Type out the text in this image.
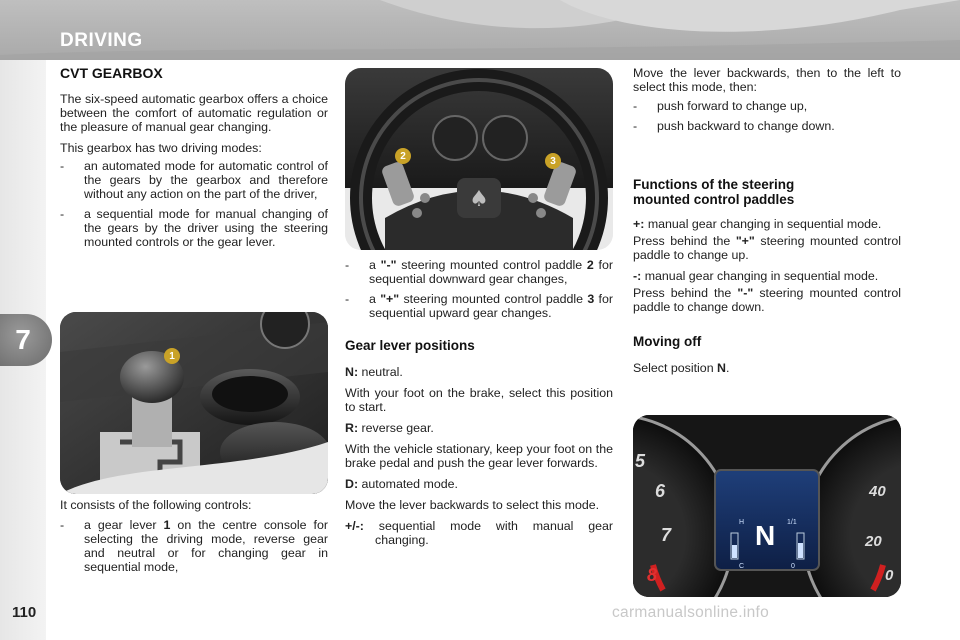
DRIVING
7
110
CVT GEARBOX

The six-speed automatic gearbox offers a choice between the comfort of automatic regulation or the pleasure of manual gear changing.

This gearbox has two driving modes:

- an automated mode for automatic control of the gears by the gearbox and therefore without any action on the part of the driver,
- a sequential mode for manual changing of the gears by the driver using the steering mounted controls or the gear lever.
1

It consists of the following controls:

- a gear lever 1 on the centre console for selecting the driving mode, reverse gear and neutral or for changing gear in sequential mode,
♠
2	3
- a "-" steering mounted control paddle 2 for sequential downward gear changes,
- a "+" steering mounted control paddle 3 for sequential upward gear changes.
Gear lever positions

N: neutral.

With your foot on the brake, select this position to start.

R: reverse gear.

With the vehicle stationary, keep your foot on the brake pedal and push the gear lever forwards.

D: automated mode.

Move the lever backwards to select this mode.

+/-: sequential mode with manual gear changing.

Move the lever backwards, then to the left to select this mode, then:

- push forward to change up,
- push backward to change down.
Functions of the steering mounted control paddles

+: manual gear changing in sequential mode.

Press behind the "+" steering mounted control paddle to change up.

-: manual gear changing in sequential mode.

Press behind the "-" steering mounted control paddle to change down.

Moving off

Select position N.

N
H
C
1/1
0
5
6
7
8
40
20
0
carmanualsonline.info
